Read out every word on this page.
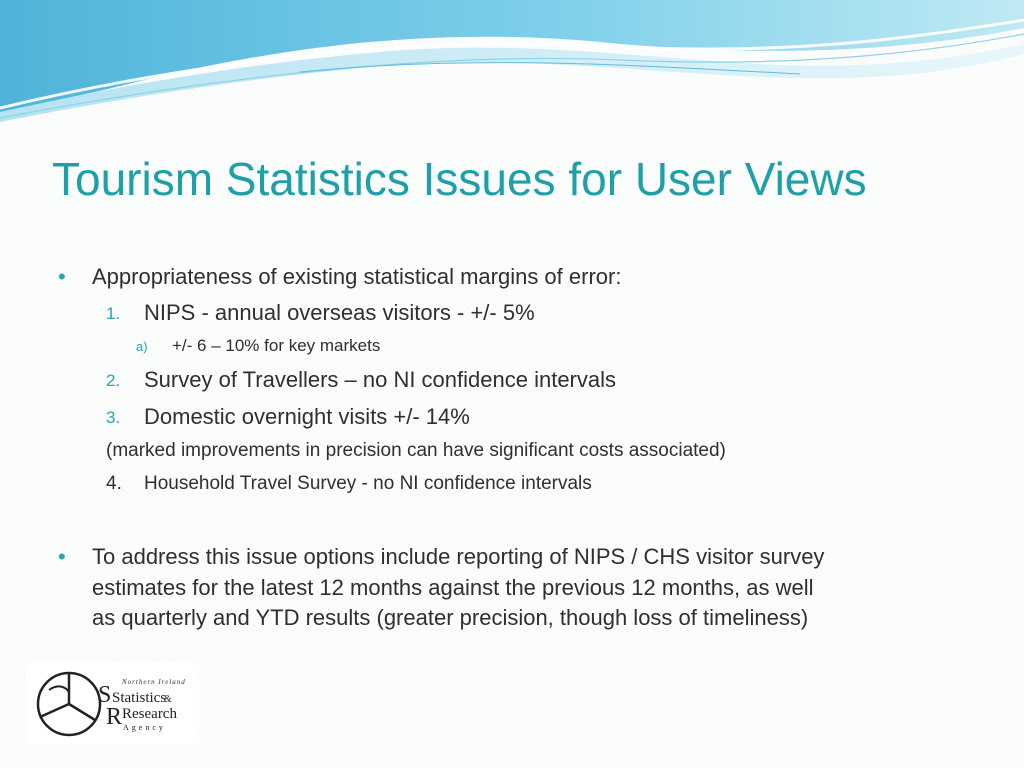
Tourism Statistics Issues for User Views
• Appropriateness of existing statistical margins of error:
1. NIPS - annual overseas visitors - +/- 5%
a) +/- 6 – 10% for key markets
2. Survey of Travellers – no NI confidence intervals
3. Domestic overnight visits +/- 14%
(marked improvements in precision can have significant costs associated)
4. Household Travel Survey - no NI confidence intervals
• To address this issue options include reporting of NIPS / CHS visitor survey
estimates for the latest 12 months against the previous 12 months, as well
as quarterly and YTD results (greater precision, though loss of timeliness)
Northern Ireland
S Statistics
&
R Research
Agency
